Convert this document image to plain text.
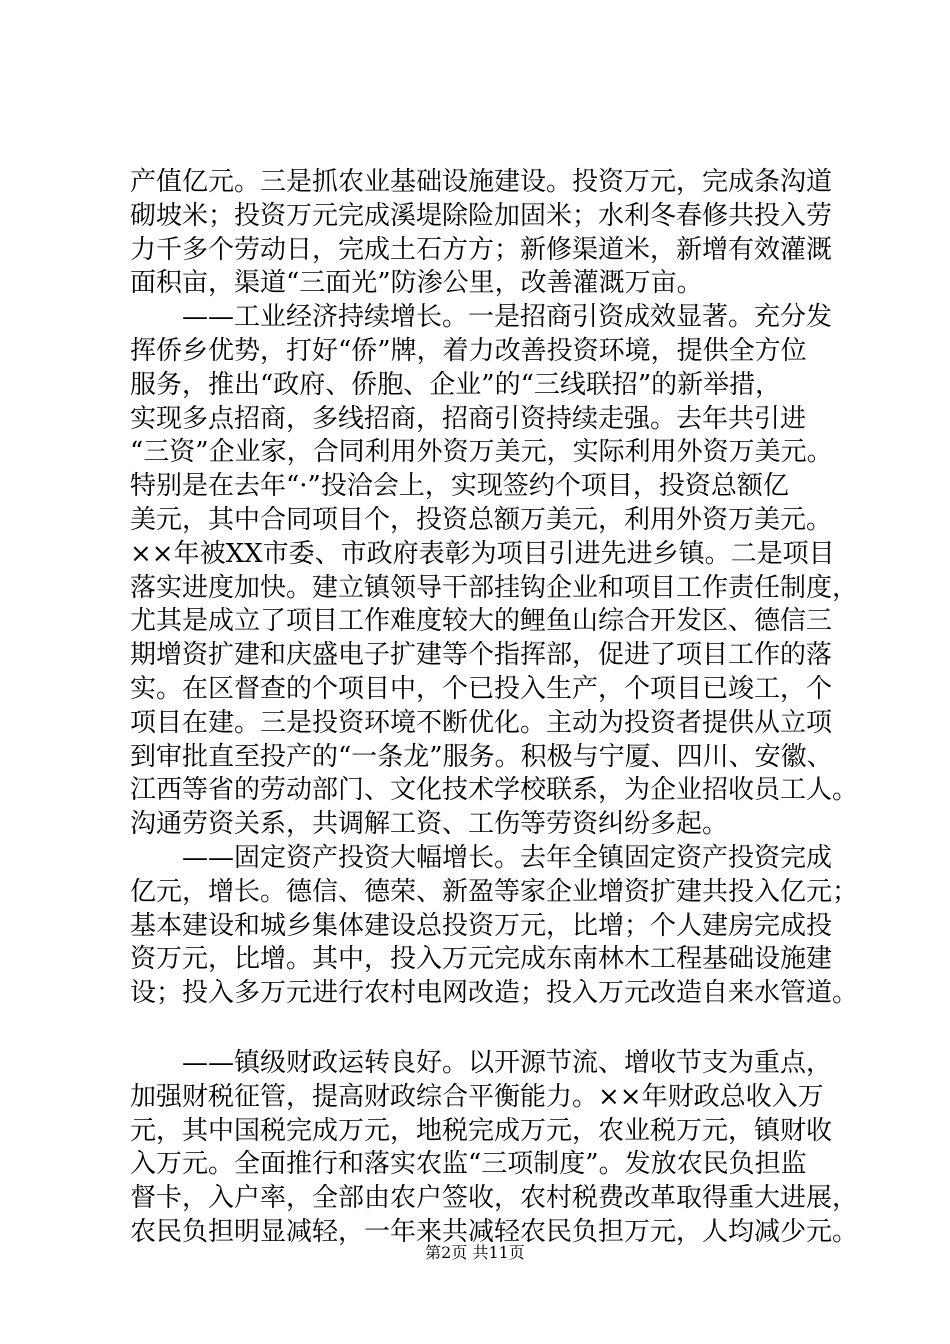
产值亿元。三是抓农业基础设施建设。投资万元，完成条沟道
砌坡米；投资万元完成溪堤除险加固米；水利冬春修共投入劳
力千多个劳动日，完成土石方方；新修渠道米，新增有效灌溉
面积亩，渠道“三面光”防渗公里，改善灌溉万亩。
——工业经济持续增长。一是招商引资成效显著。充分发
挥侨乡优势，打好“侨”牌，着力改善投资环境，提供全方位
服务，推出“政府、侨胞、企业”的“三线联招”的新举措，
实现多点招商，多线招商，招商引资持续走强。去年共引进
“三资”企业家，合同利用外资万美元，实际利用外资万美元。
特别是在去年“·”投洽会上，实现签约个项目，投资总额亿
美元，其中合同项目个，投资总额万美元，利用外资万美元。
××年被XX市委、市政府表彰为项目引进先进乡镇。二是项目
落实进度加快。建立镇领导干部挂钩企业和项目工作责任制度，
尤其是成立了项目工作难度较大的鲤鱼山综合开发区、德信三
期增资扩建和庆盛电子扩建等个指挥部，促进了项目工作的落
实。在区督查的个项目中，个已投入生产，个项目已竣工，个
项目在建。三是投资环境不断优化。主动为投资者提供从立项
到审批直至投产的“一条龙”服务。积极与宁厦、四川、安徽、
江西等省的劳动部门、文化技术学校联系，为企业招收员工人。
沟通劳资关系，共调解工资、工伤等劳资纠纷多起。
——固定资产投资大幅增长。去年全镇固定资产投资完成
亿元，增长。德信、德荣、新盈等家企业增资扩建共投入亿元；
基本建设和城乡集体建设总投资万元，比增；个人建房完成投
资万元，比增。其中，投入万元完成东南林木工程基础设施建
设；投入多万元进行农村电网改造；投入万元改造自来水管道。
——镇级财政运转良好。以开源节流、增收节支为重点，
加强财税征管，提高财政综合平衡能力。××年财政总收入万
元，其中国税完成万元，地税完成万元，农业税万元，镇财收
入万元。全面推行和落实农监“三项制度”。发放农民负担监
督卡，入户率，全部由农户签收，农村税费改革取得重大进展，
农民负担明显减轻，一年来共减轻农民负担万元，人均减少元。
第2页 共11页
